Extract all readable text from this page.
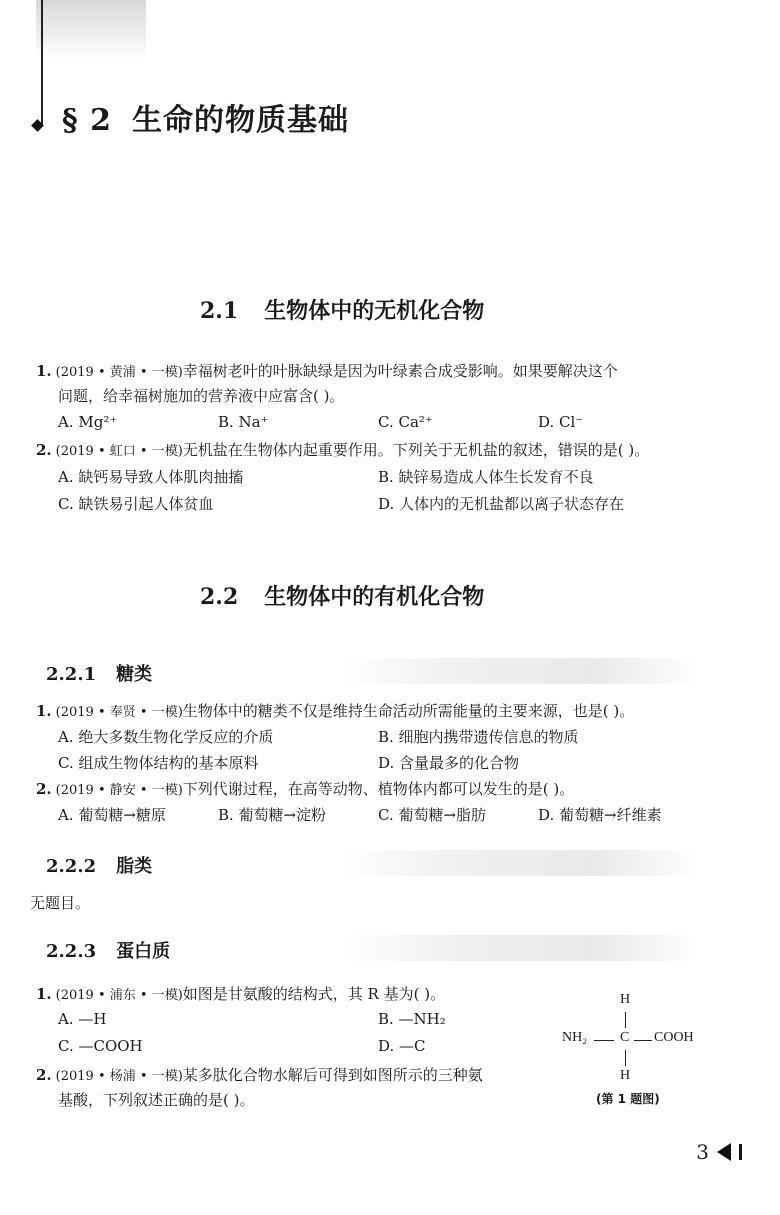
§ 2 生命的物质基础
2.1 生物体中的无机化合物
1. (2019 • 黄浦 • 一模)幸福树老叶的叶脉缺绿是因为叶绿素合成受影响。如果要解决这个
问题，给幸福树施加的营养液中应富含( )。
A. Mg²⁺	B. Na⁺	C. Ca²⁺	D. Cl⁻
2. (2019 • 虹口 • 一模)无机盐在生物体内起重要作用。下列关于无机盐的叙述，错误的是( )。
A. 缺钙易导致人体肌肉抽搐	B. 缺锌易造成人体生长发育不良
C. 缺铁易引起人体贫血	D. 人体内的无机盐都以离子状态存在
2.2 生物体中的有机化合物
2.2.1 糖类
1. (2019 • 奉贤 • 一模)生物体中的糖类不仅是维持生命活动所需能量的主要来源，也是( )。
A. 绝大多数生物化学反应的介质	B. 细胞内携带遗传信息的物质
C. 组成生物体结构的基本原料	D. 含量最多的化合物
2. (2019 • 静安 • 一模)下列代谢过程，在高等动物、植物体内都可以发生的是( )。
A. 葡萄糖→糖原	B. 葡萄糖→淀粉	C. 葡萄糖→脂肪	D. 葡萄糖→纤维素
2.2.2 脂类
无题目。
2.2.3 蛋白质
1. (2019 • 浦东 • 一模)如图是甘氨酸的结构式，其 R 基为( )。
A. —H	B. —NH₂
C. —COOH	D. —C
2. (2019 • 杨浦 • 一模)某多肽化合物水解后可得到如图所示的三种氨
基酸，下列叙述正确的是( )。
H
NH₂ C COOH
H
(第 1 题图)
3
